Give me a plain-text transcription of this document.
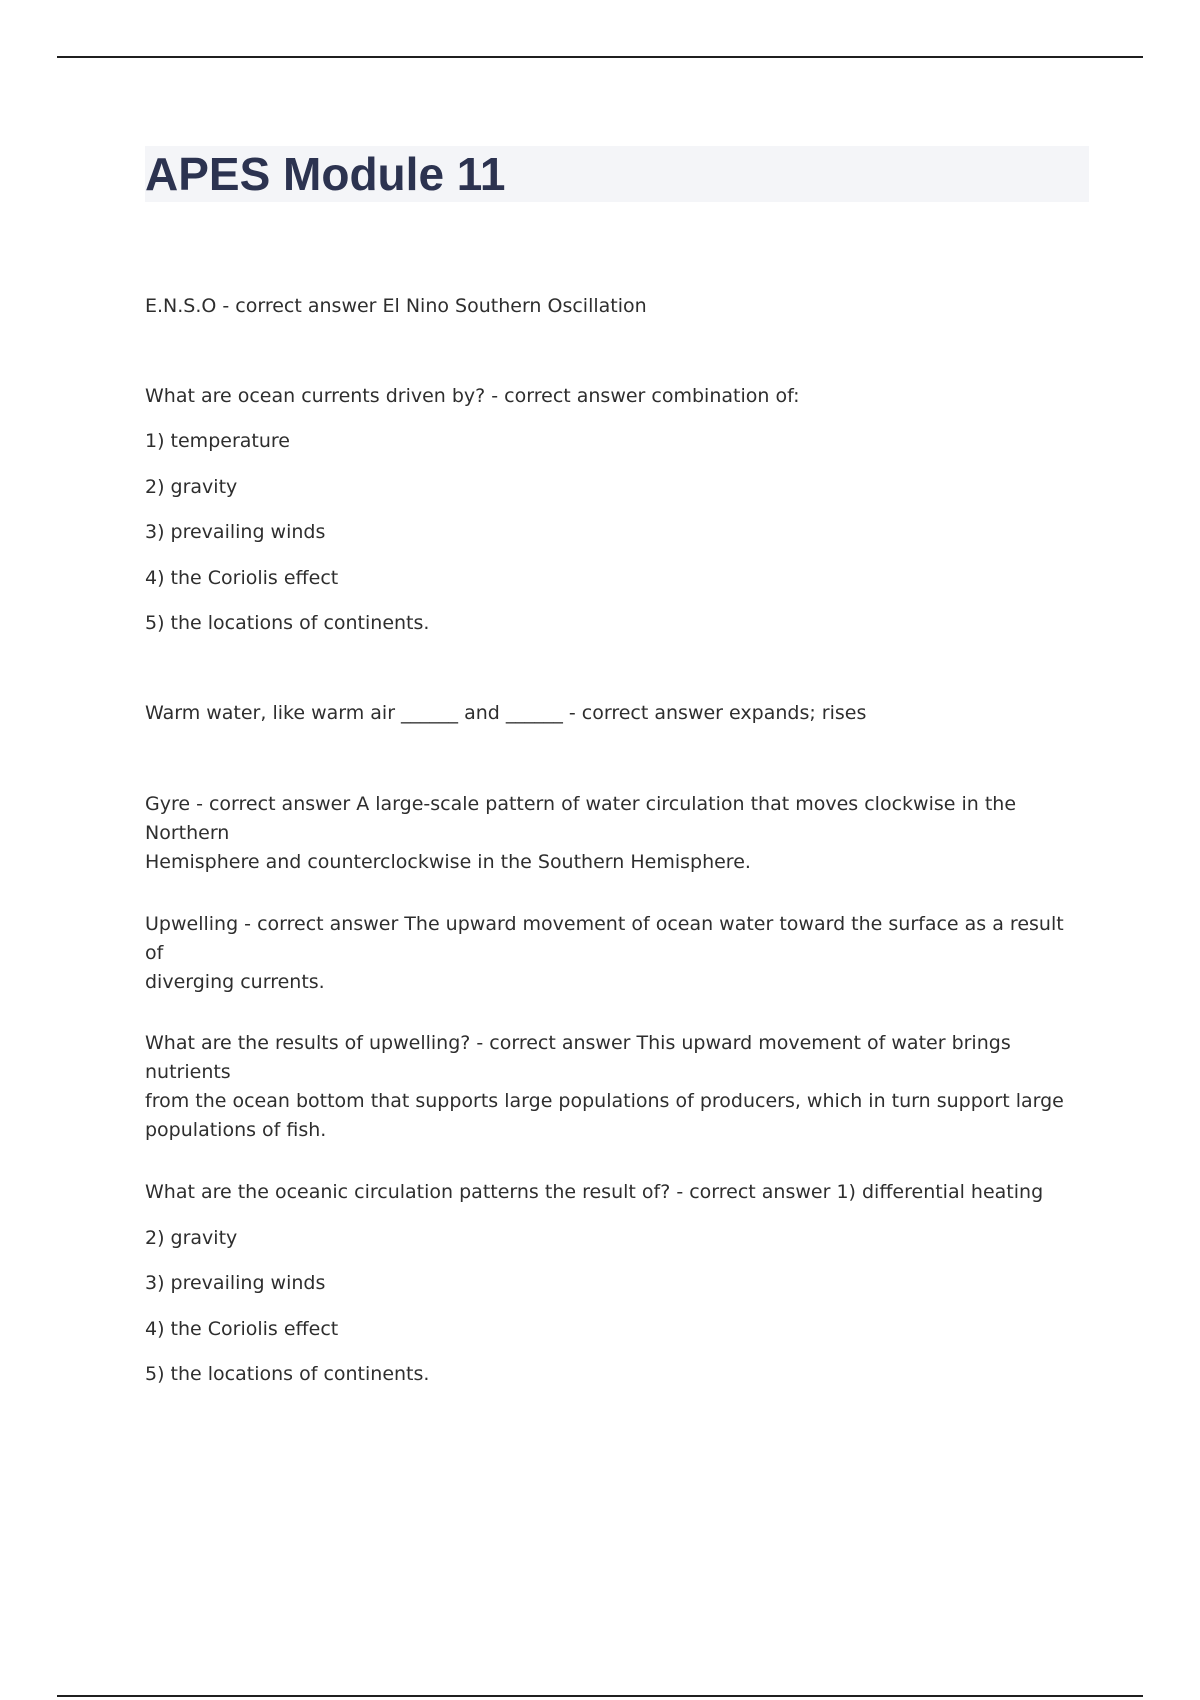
APES Module 11

E.N.S.O - correct answer El Nino Southern Oscillation

What are ocean currents driven by? - correct answer combination of:

1) temperature

2) gravity

3) prevailing winds

4) the Coriolis effect

5) the locations of continents.

Warm water, like warm air ______ and ______ - correct answer expands; rises

Gyre - correct answer A large-scale pattern of water circulation that moves clockwise in the Northern

Hemisphere and counterclockwise in the Southern Hemisphere.

Upwelling - correct answer The upward movement of ocean water toward the surface as a result of

diverging currents.

What are the results of upwelling? - correct answer This upward movement of water brings nutrients

from the ocean bottom that supports large populations of producers, which in turn support large

populations of fish.

What are the oceanic circulation patterns the result of? - correct answer 1) differential heating

2) gravity

3) prevailing winds

4) the Coriolis effect

5) the locations of continents.
